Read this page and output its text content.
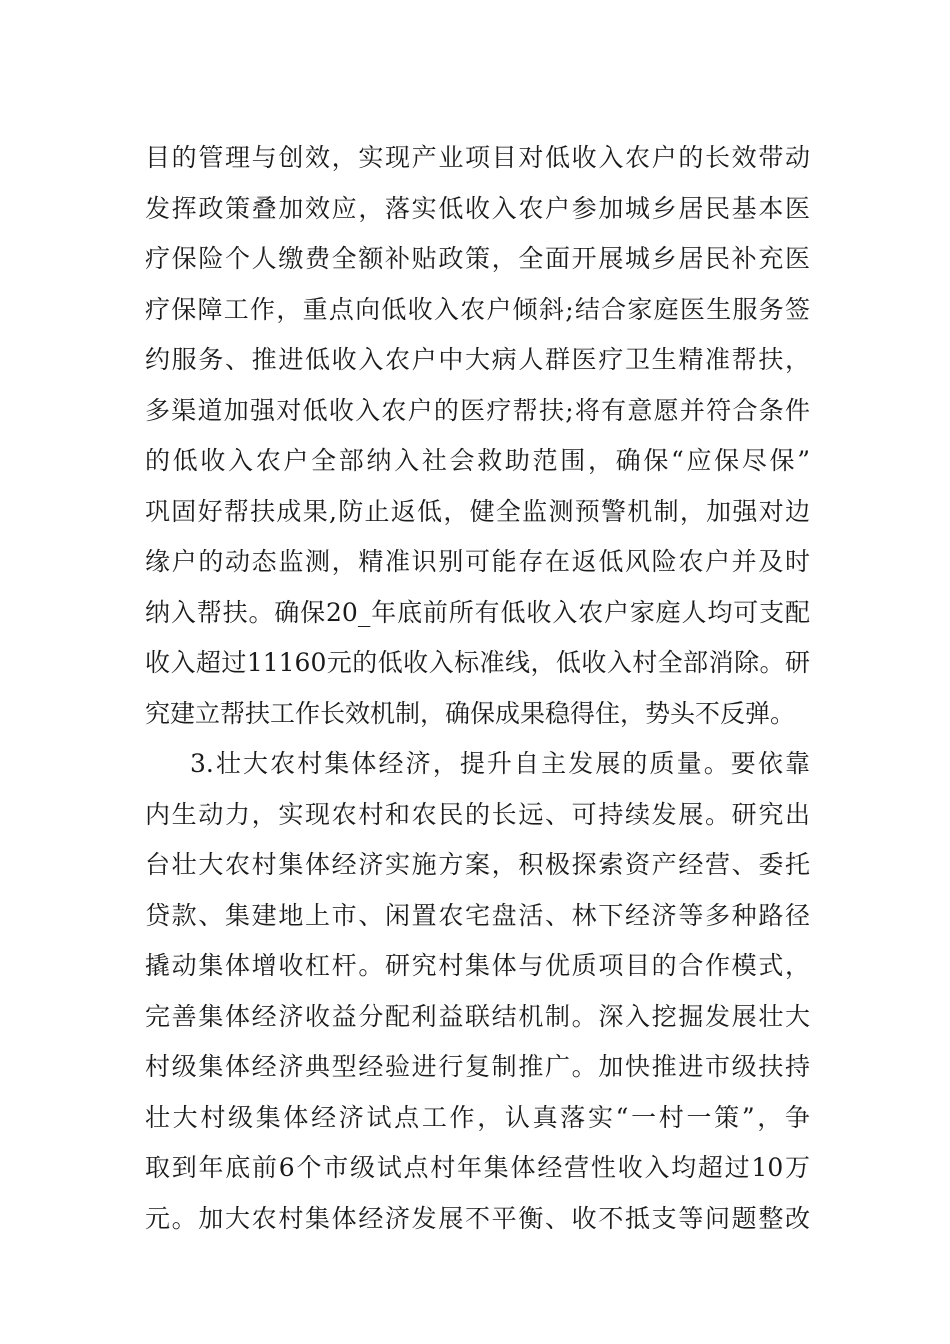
目的管理与创效，实现产业项目对低收入农户的长效带动
发挥政策叠加效应，落实低收入农户参加城乡居民基本医
疗保险个人缴费全额补贴政策，全面开展城乡居民补充医
疗保障工作，重点向低收入农户倾斜;结合家庭医生服务签
约服务、推进低收入农户中大病人群医疗卫生精准帮扶，
多渠道加强对低收入农户的医疗帮扶;将有意愿并符合条件
的低收入农户全部纳入社会救助范围，确保“应保尽保”
巩固好帮扶成果,防止返低，健全监测预警机制，加强对边
缘户的动态监测，精准识别可能存在返低风险农户并及时
纳入帮扶。确保20_年底前所有低收入农户家庭人均可支配
收入超过11160元的低收入标准线，低收入村全部消除。研
究建立帮扶工作长效机制，确保成果稳得住，势头不反弹。
3.壮大农村集体经济，提升自主发展的质量。要依靠
内生动力，实现农村和农民的长远、可持续发展。研究出
台壮大农村集体经济实施方案，积极探索资产经营、委托
贷款、集建地上市、闲置农宅盘活、林下经济等多种路径
撬动集体增收杠杆。研究村集体与优质项目的合作模式，
完善集体经济收益分配利益联结机制。深入挖掘发展壮大
村级集体经济典型经验进行复制推广。加快推进市级扶持
壮大村级集体经济试点工作，认真落实“一村一策”，争
取到年底前6个市级试点村年集体经营性收入均超过10万
元。加大农村集体经济发展不平衡、收不抵支等问题整改
